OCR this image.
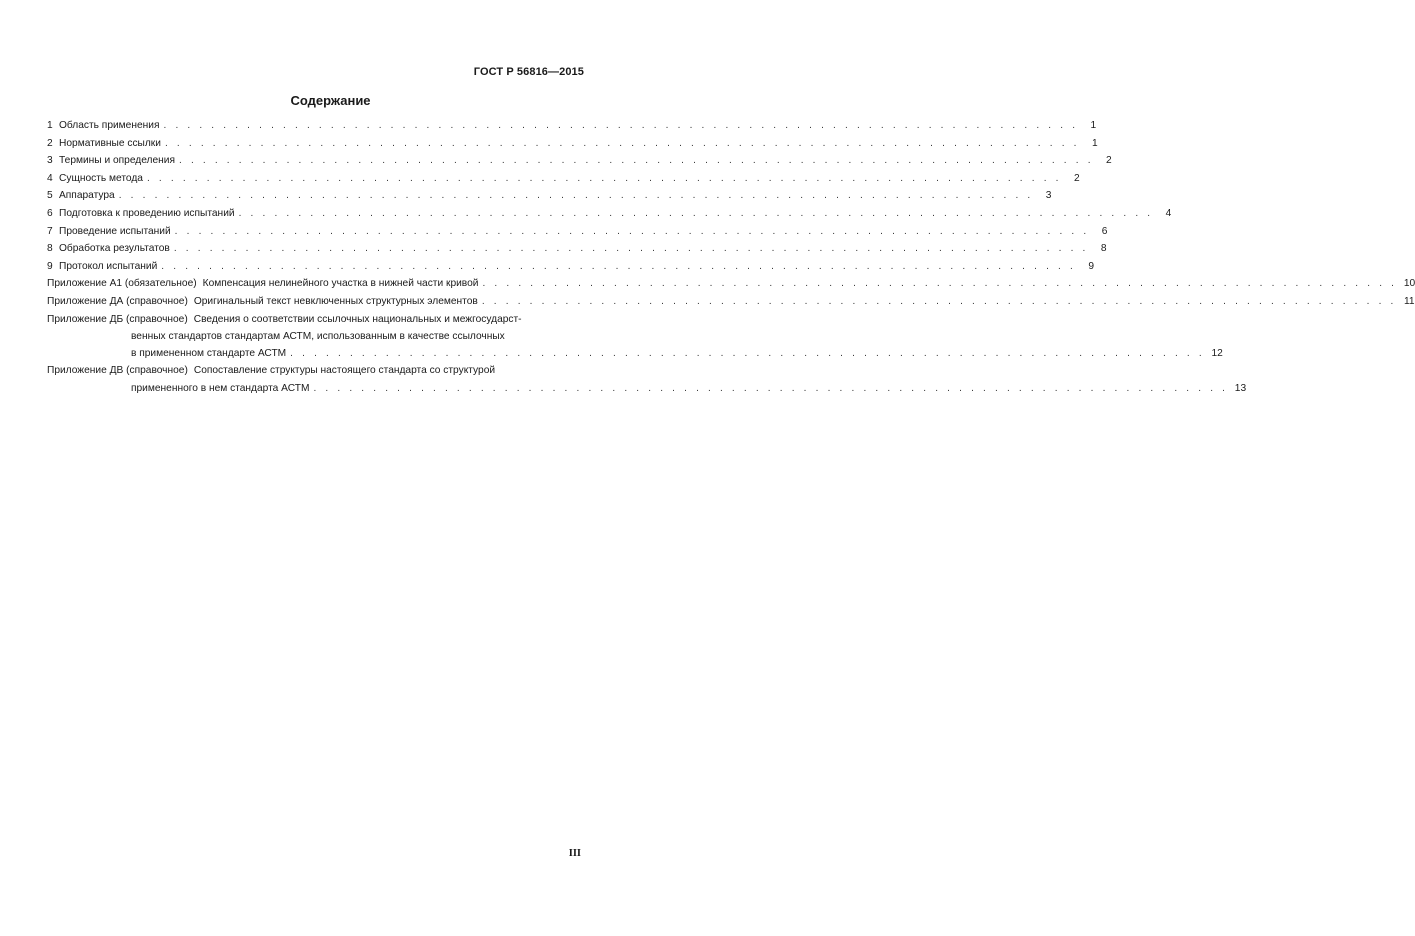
ГОСТ Р 56816—2015
Содержание
1 Область применения . . . . . . . . . . . . . . . . . . . . . . . . . . . . . . . . . . . . . . . . . . . . . . . . . . . . . . . . . . . . . . . . . . . . . . . . . . . . .	1
2 Нормативные ссылки . . . . . . . . . . . . . . . . . . . . . . . . . . . . . . . . . . . . . . . . . . . . . . . . . . . . . . . . . . . . . . . . . . . . . . . . . . . . .	1
3 Термины и определения . . . . . . . . . . . . . . . . . . . . . . . . . . . . . . . . . . . . . . . . . . . . . . . . . . . . . . . . . . . . . . . . . . . . . . . . . . . . .	2
4 Сущность метода . . . . . . . . . . . . . . . . . . . . . . . . . . . . . . . . . . . . . . . . . . . . . . . . . . . . . . . . . . . . . . . . . . . . . . . . . . . . .	2
5 Аппаратура . . . . . . . . . . . . . . . . . . . . . . . . . . . . . . . . . . . . . . . . . . . . . . . . . . . . . . . . . . . . . . . . . . . . . . . . . . . . .	3
6 Подготовка к проведению испытаний . . . . . . . . . . . . . . . . . . . . . . . . . . . . . . . . . . . . . . . . . . . . . . . . . . . . . . . . . . . . . . . . . . . . . . . . . . . . .	4
7 Проведение испытаний . . . . . . . . . . . . . . . . . . . . . . . . . . . . . . . . . . . . . . . . . . . . . . . . . . . . . . . . . . . . . . . . . . . . . . . . . . . . .	6
8 Обработка результатов . . . . . . . . . . . . . . . . . . . . . . . . . . . . . . . . . . . . . . . . . . . . . . . . . . . . . . . . . . . . . . . . . . . . . . . . . . . . .	8
9 Протокол испытаний . . . . . . . . . . . . . . . . . . . . . . . . . . . . . . . . . . . . . . . . . . . . . . . . . . . . . . . . . . . . . . . . . . . . . . . . . . . . .	9
Приложение А1 (обязательное) Компенсация нелинейного участка в нижней части кривой . . . . . . . . . . . . . . . . . . . . . . . . . . . . . . . . . . . . . . . . . . . . . . . . . . . . . . . . . . . . . . . . . . . . . . . . . . . . . 10
Приложение ДА (справочное) Оригинальный текст невключенных структурных элементов . . . . . . . . . . . . . . . . . . . . . . . . . . . . . . . . . . . . . . . . . . . . . . . . . . . . . . . . . . . . . . . . . . . . . . . . . . . . . 11
Приложение ДБ (справочное) Сведения о соответствии ссылочных национальных и межгосударст-
венных стандартов стандартам АСТМ, использованным в качестве ссылочных
в примененном стандарте АСТМ . . . . . . . . . . . . . . . . . . . . . . . . . . . . . . . . . . . . . . . . . . . . . . . . . . . . . . . . . . . . . . . . . . . . . . . . . . . . . 12
Приложение ДВ (справочное) Сопоставление структуры настоящего стандарта со структурой
примененного в нем стандарта АСТМ . . . . . . . . . . . . . . . . . . . . . . . . . . . . . . . . . . . . . . . . . . . . . . . . . . . . . . . . . . . . . . . . . . . . . . . . . . . . . 13
III
